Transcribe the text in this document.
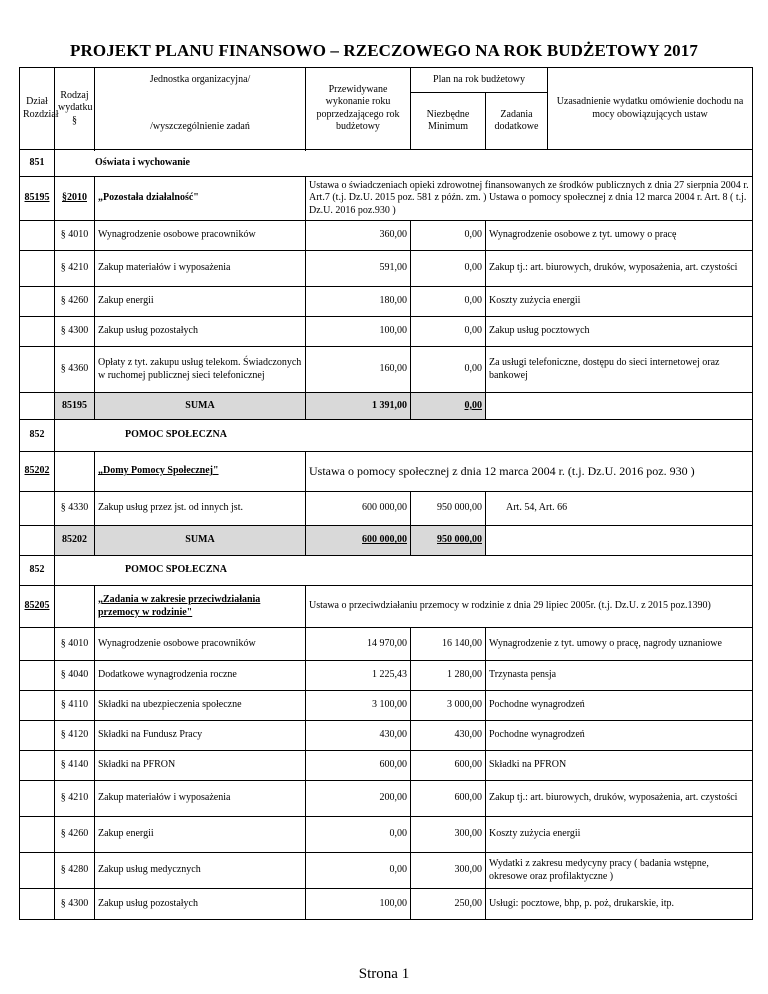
PROJEKT PLANU FINANSOWO – RZECZOWEGO NA ROK BUDŻETOWY 2017
Dział Rozdział	Rodzaj wydatku §	Jednostka organizacyjna/
/wyszczególnienie zadań	Przewidywane wykonanie roku poprzedzającego rok budżetowy	Plan na rok budżetowy		Uzasadnienie wydatku omówienie dochodu na mocy obowiązujących ustaw
				Niezbędne Minimum	Zadania dodatkowe	

851	Oświata i wychowanie					
85195	§2010	„Pozostała działalność"	Ustawa o świadczeniach opieki zdrowotnej finansowanych ze środków publicznych z dnia 27 sierpnia 2004 r. Art.7 (t.j. Dz.U. 2015 poz. 581 z późn. zm. ) Ustawa o pomocy społecznej z dnia 12 marca 2004 r. Art. 8 ( t.j. Dz.U. 2016 poz.930 )			
	§ 4010	Wynagrodzenie osobowe pracowników	360,00	0,00	Wynagrodzenie osobowe z tyt. umowy o pracę	
	§ 4210	Zakup materiałów i wyposażenia	591,00	0,00	Zakup tj.: art. biurowych, druków, wyposażenia, art. czystości	
	§ 4260	Zakup energii	180,00	0,00	Koszty zużycia energii	
	§ 4300	Zakup usług pozostałych	100,00	0,00	Zakup usług pocztowych	
	§ 4360	Opłaty z tyt. zakupu usług telekom. Świadczonych w ruchomej publicznej sieci telefonicznej	160,00	0,00	Za usługi telefoniczne, dostępu do sieci internetowej oraz bankowej	
	85195	SUMA	1 391,00	0,00		
852	POMOC SPOŁECZNA					
85202		„Domy Pomocy Społecznej"	Ustawa o pomocy społecznej z dnia 12 marca 2004 r. (t.j. Dz.U. 2016 poz. 930 )			
	§ 4330	Zakup usług przez jst. od innych jst.	600 000,00	950 000,00	Art. 54, Art. 66	
	85202	SUMA	600 000,00	950 000,00		
852	POMOC SPOŁECZNA					
85205		„Zadania w zakresie przeciwdziałania przemocy w rodzinie"	Ustawa o przeciwdziałaniu przemocy w rodzinie z dnia 29 lipiec 2005r. (t.j. Dz.U. z 2015 poz.1390)			
	§ 4010	Wynagrodzenie osobowe pracowników	14 970,00	16 140,00	Wynagrodzenie z tyt. umowy o pracę, nagrody uznaniowe	
	§ 4040	Dodatkowe wynagrodzenia roczne	1 225,43	1 280,00	Trzynasta pensja	
	§ 4110	Składki na ubezpieczenia społeczne	3 100,00	3 000,00	Pochodne wynagrodzeń	
	§ 4120	Składki na Fundusz Pracy	430,00	430,00	Pochodne wynagrodzeń	
	§ 4140	Składki na PFRON	600,00	600,00	Składki na PFRON	
	§ 4210	Zakup materiałów i wyposażenia	200,00	600,00	Zakup tj.: art. biurowych, druków, wyposażenia, art. czystości	
	§ 4260	Zakup energii	0,00	300,00	Koszty zużycia energii	
	§ 4280	Zakup usług medycznych	0,00	300,00	Wydatki z zakresu medycyny pracy ( badania wstępne, okresowe oraz profilaktyczne )	
	§ 4300	Zakup usług pozostałych	100,00	250,00	Usługi: pocztowe, bhp, p. poż, drukarskie, itp.	
Strona 1
